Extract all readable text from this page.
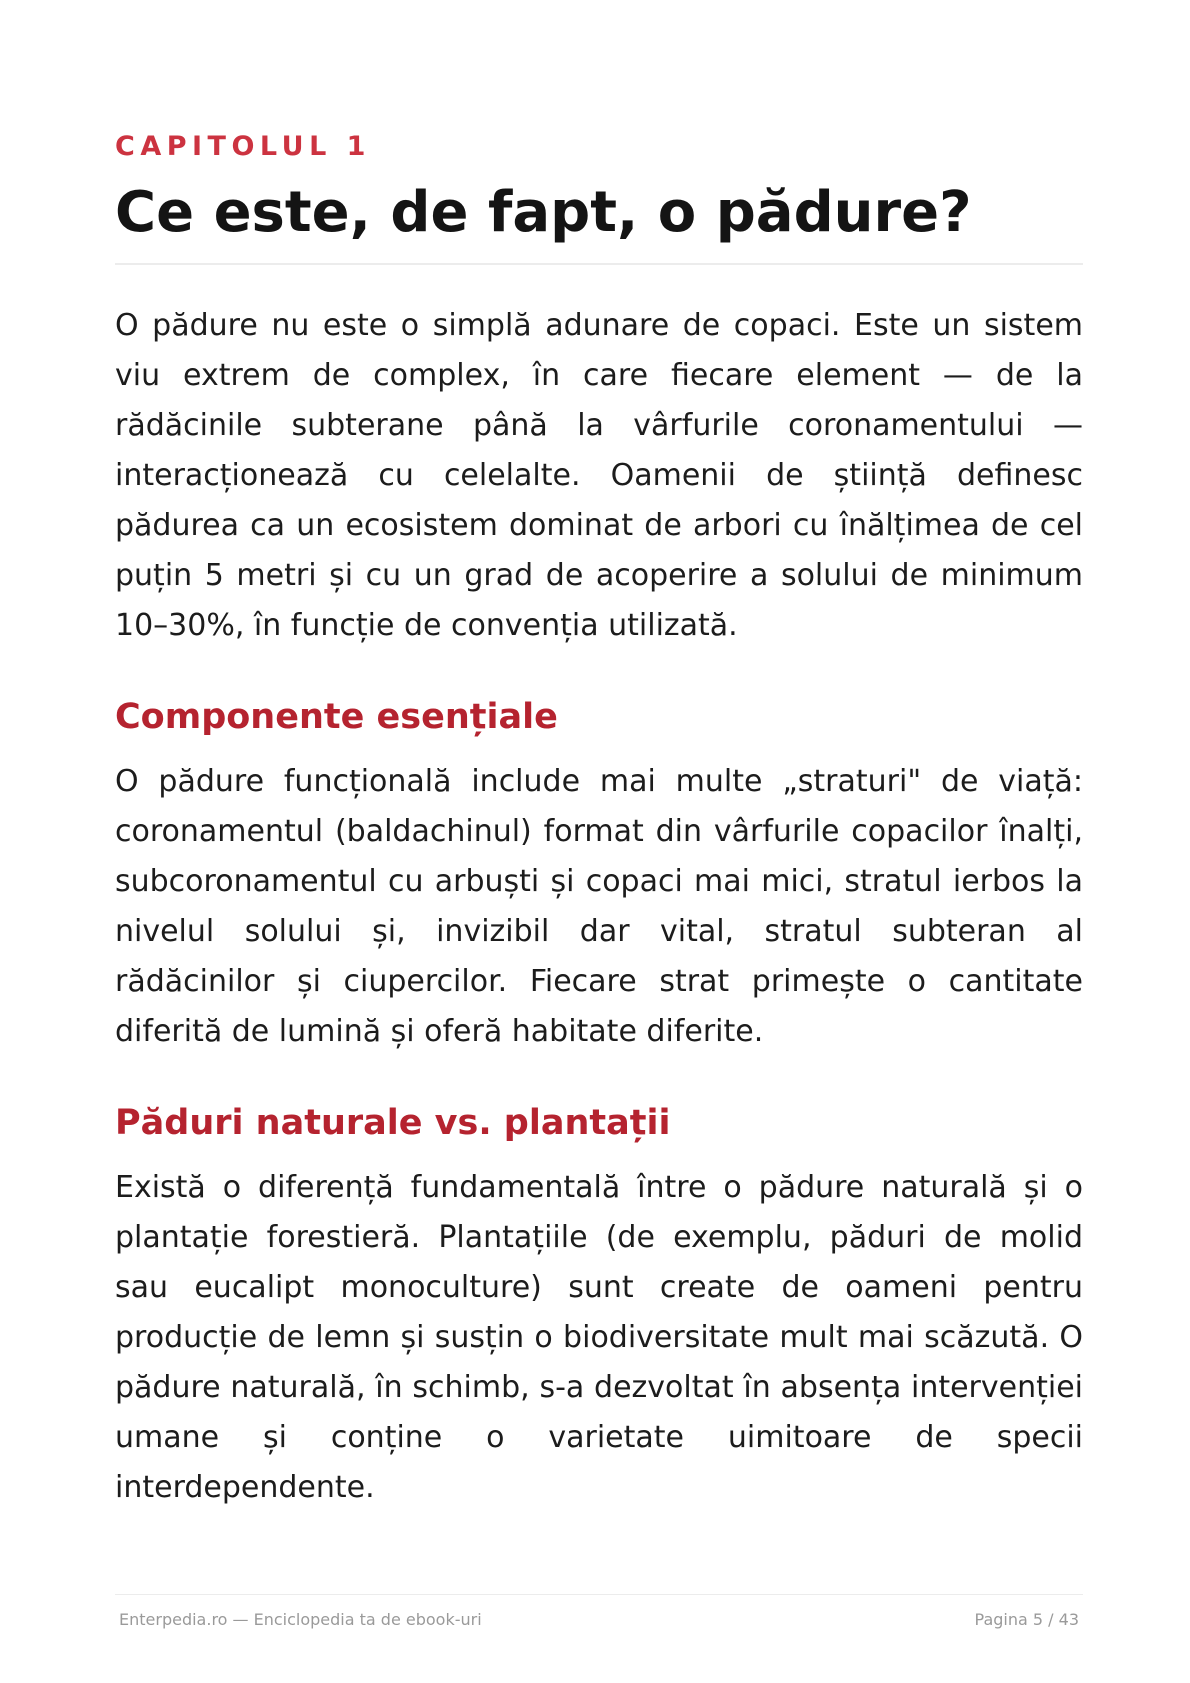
CAPITOLUL 1
Ce este, de fapt, o pădure?

O pădure nu este o simplă adunare de copaci. Este un sistem viu extrem de complex, în care fiecare element — de la rădăcinile subterane până la vârfurile coronamentului — interacționează cu celelalte. Oamenii de știință definesc pădurea ca un ecosistem dominat de arbori cu înălțimea de cel puțin 5 metri și cu un grad de acoperire a solului de minimum 10–30%, în funcție de convenția utilizată.

Componente esențiale

O pădure funcțională include mai multe „straturi" de viață: coronamentul (baldachinul) format din vârfurile copacilor înalți, subcoronamentul cu arbuști și copaci mai mici, stratul ierbos la nivelul solului și, invizibil dar vital, stratul subteran al rădăcinilor și ciupercilor. Fiecare strat primește o cantitate diferită de lumină și oferă habitate diferite.

Păduri naturale vs. plantații

Există o diferență fundamentală între o pădure naturală și o plantație forestieră. Plantațiile (de exemplu, păduri de molid sau eucalipt monoculture) sunt create de oameni pentru producție de lemn și susțin o biodiversitate mult mai scăzută. O pădure naturală, în schimb, s-a dezvoltat în absența intervenției umane și conține o varietate uimitoare de specii interdependente.

Enterpedia.ro — Enciclopedia ta de ebook-uri	Pagina 5 / 43
